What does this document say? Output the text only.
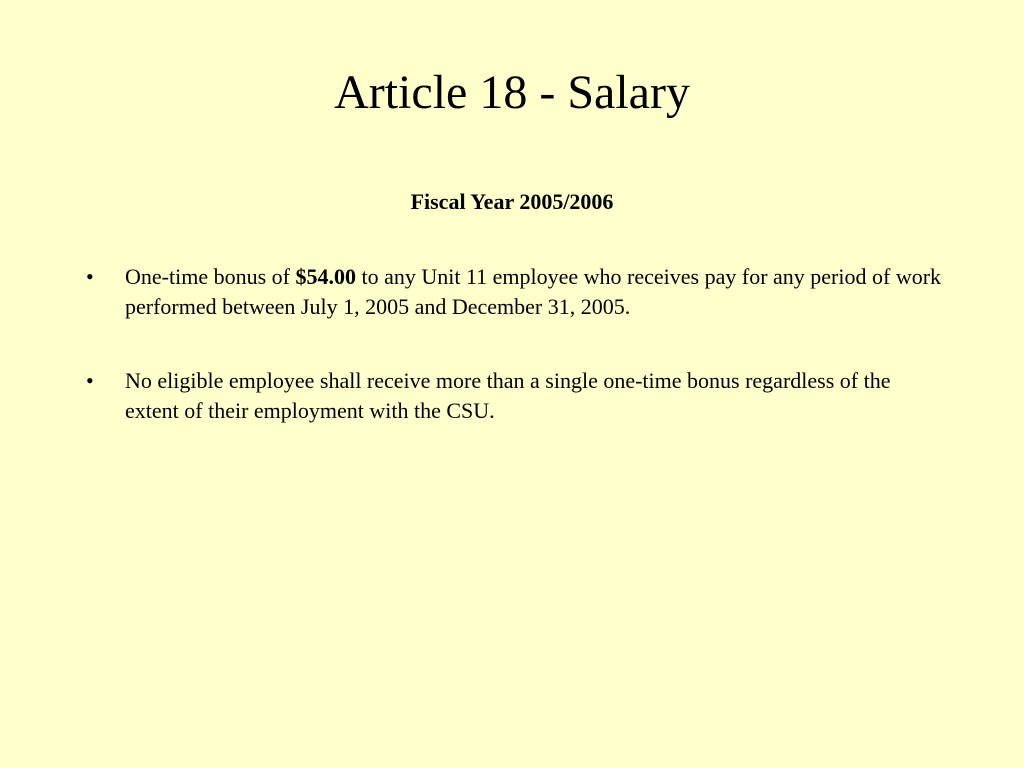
Article 18 - Salary
Fiscal Year 2005/2006
• One-time bonus of $54.00 to any Unit 11 employee who receives pay for any period of work performed between July 1, 2005 and December 31, 2005.
• No eligible employee shall receive more than a single one-time bonus regardless of the extent of their employment with the CSU.
